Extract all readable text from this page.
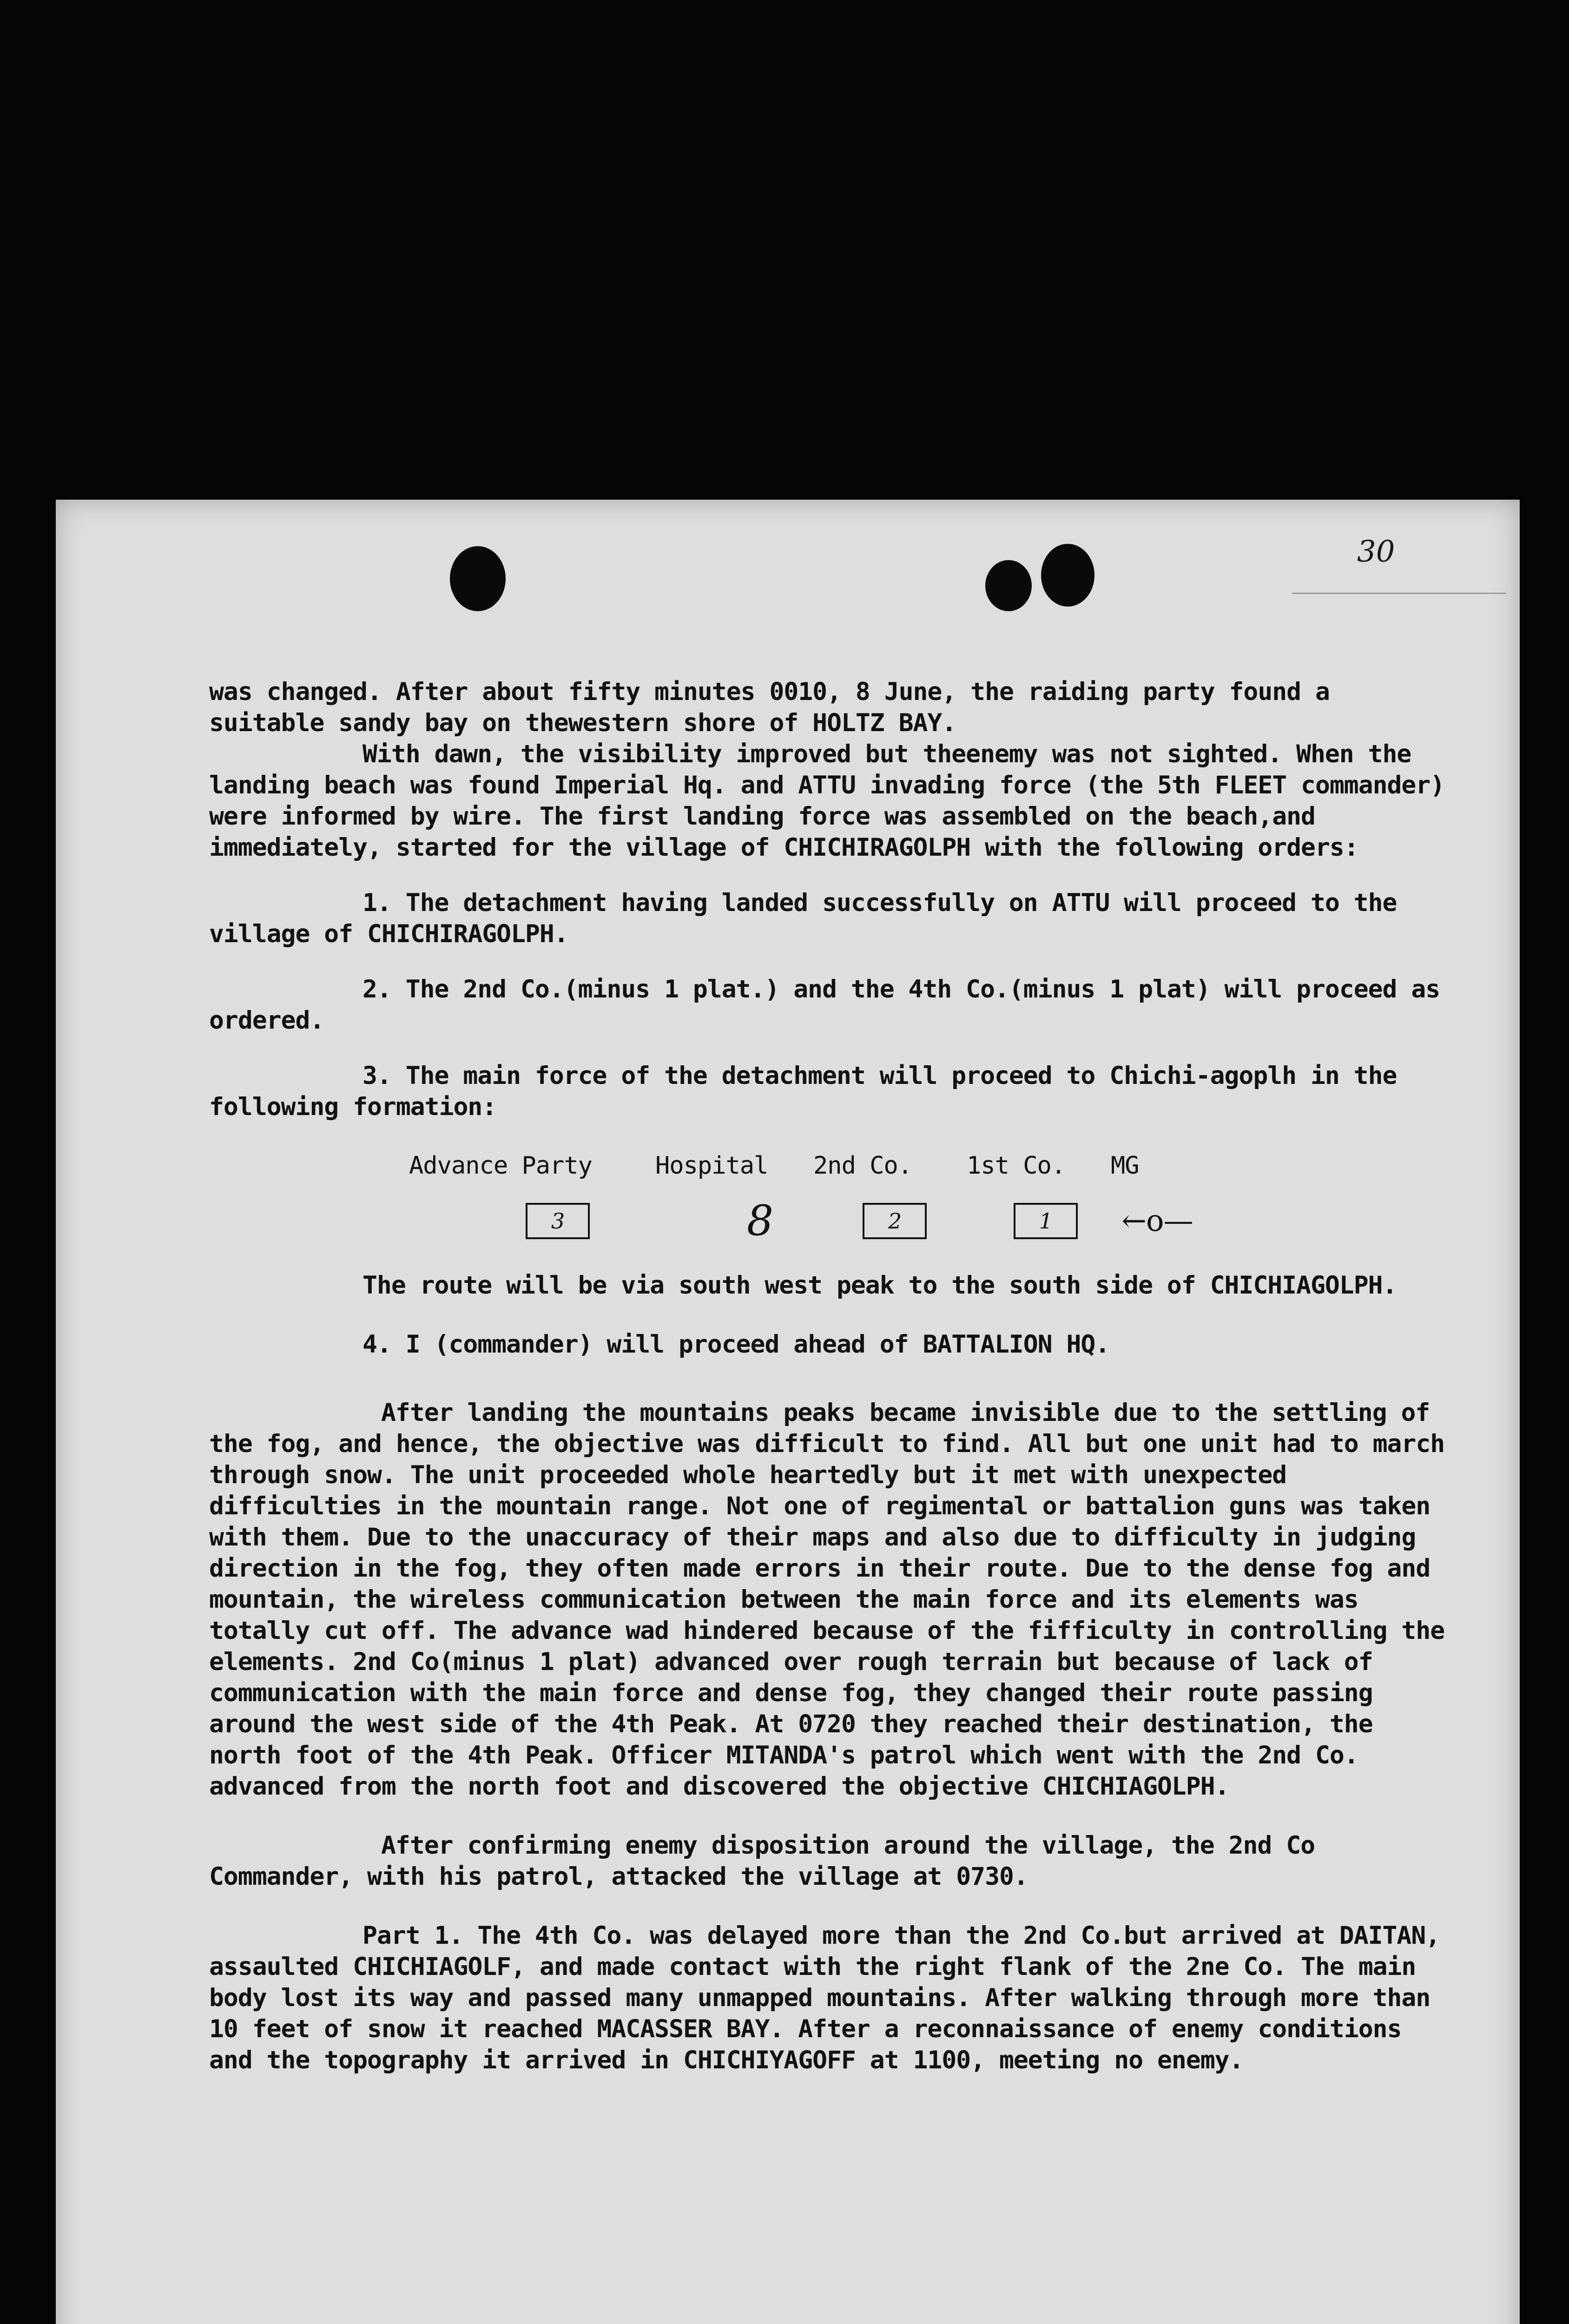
30

was changed. After about fifty minutes 0010, 8 June, the raiding party found a suitable sandy bay on thewestern shore of HOLTZ BAY.

With dawn, the visibility improved but theenemy was not sighted. When the landing beach was found Imperial Hq. and ATTU invading force (the 5th FLEET commander) were informed by wire. The first landing force was assembled on the beach,and immediately, started for the village of CHICHIRAGOLPH with the following orders:

1. The detachment having landed successfully on ATTU will proceed to the village of CHICHIRAGOLPH.

2. The 2nd Co.(minus 1 plat.) and the 4th Co.(minus 1 plat) will proceed as ordered.

3. The main force of the detachment will proceed to Chichi-agoplh in the following formation:

Advance Party	Hospital	2nd Co.	1st Co.	MG
3	8	2	1	←o—

The route will be via south west peak to the south side of CHICHIAGOLPH.

4. I (commander) will proceed ahead of BATTALION HQ.

After landing the mountains peaks became invisible due to the settling of the fog, and hence, the objective was difficult to find. All but one unit had to march through snow. The unit proceeded whole heartedly but it met with unexpected difficulties in the mountain range. Not one of regimental or battalion guns was taken with them. Due to the unaccuracy of their maps and also due to difficulty in judging direction in the fog, they often made errors in their route. Due to the dense fog and mountain, the wireless communication between the main force and its elements was totally cut off. The advance wad hindered because of the fifficulty in controlling the elements. 2nd Co(minus 1 plat) advanced over rough terrain but because of lack of communication with the main force and dense fog, they changed their route passing around the west side of the 4th Peak. At 0720 they reached their destination, the north foot of the 4th Peak. Officer MITANDA's patrol which went with the 2nd Co. advanced from the north foot and discovered the objective CHICHIAGOLPH.

After confirming enemy disposition around the village, the 2nd Co Commander, with his patrol, attacked the village at 0730.

Part 1. The 4th Co. was delayed more than the 2nd Co.but arrived at DAITAN, assaulted CHICHIAGOLF, and made contact with the right flank of the 2ne Co. The main body lost its way and passed many unmapped mountains. After walking through more than 10 feet of snow it reached MACASSER BAY. After a reconnaissance of enemy conditions and the topography it arrived in CHICHIYAGOFF at 1100, meeting no enemy.
